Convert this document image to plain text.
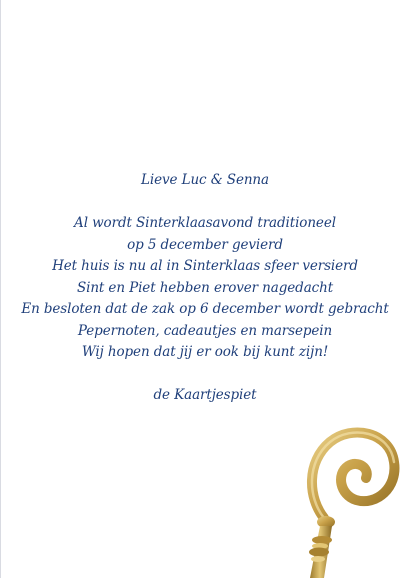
Lieve Luc & Senna
Al wordt Sinterklaasavond traditioneel
op 5 december gevierd
Het huis is nu al in Sinterklaas sfeer versierd
Sint en Piet hebben erover nagedacht
En besloten dat de zak op 6 december wordt gebracht
Pepernoten, cadeautjes en marsepein
Wij hopen dat jij er ook bij kunt zijn!
de Kaartjespiet
